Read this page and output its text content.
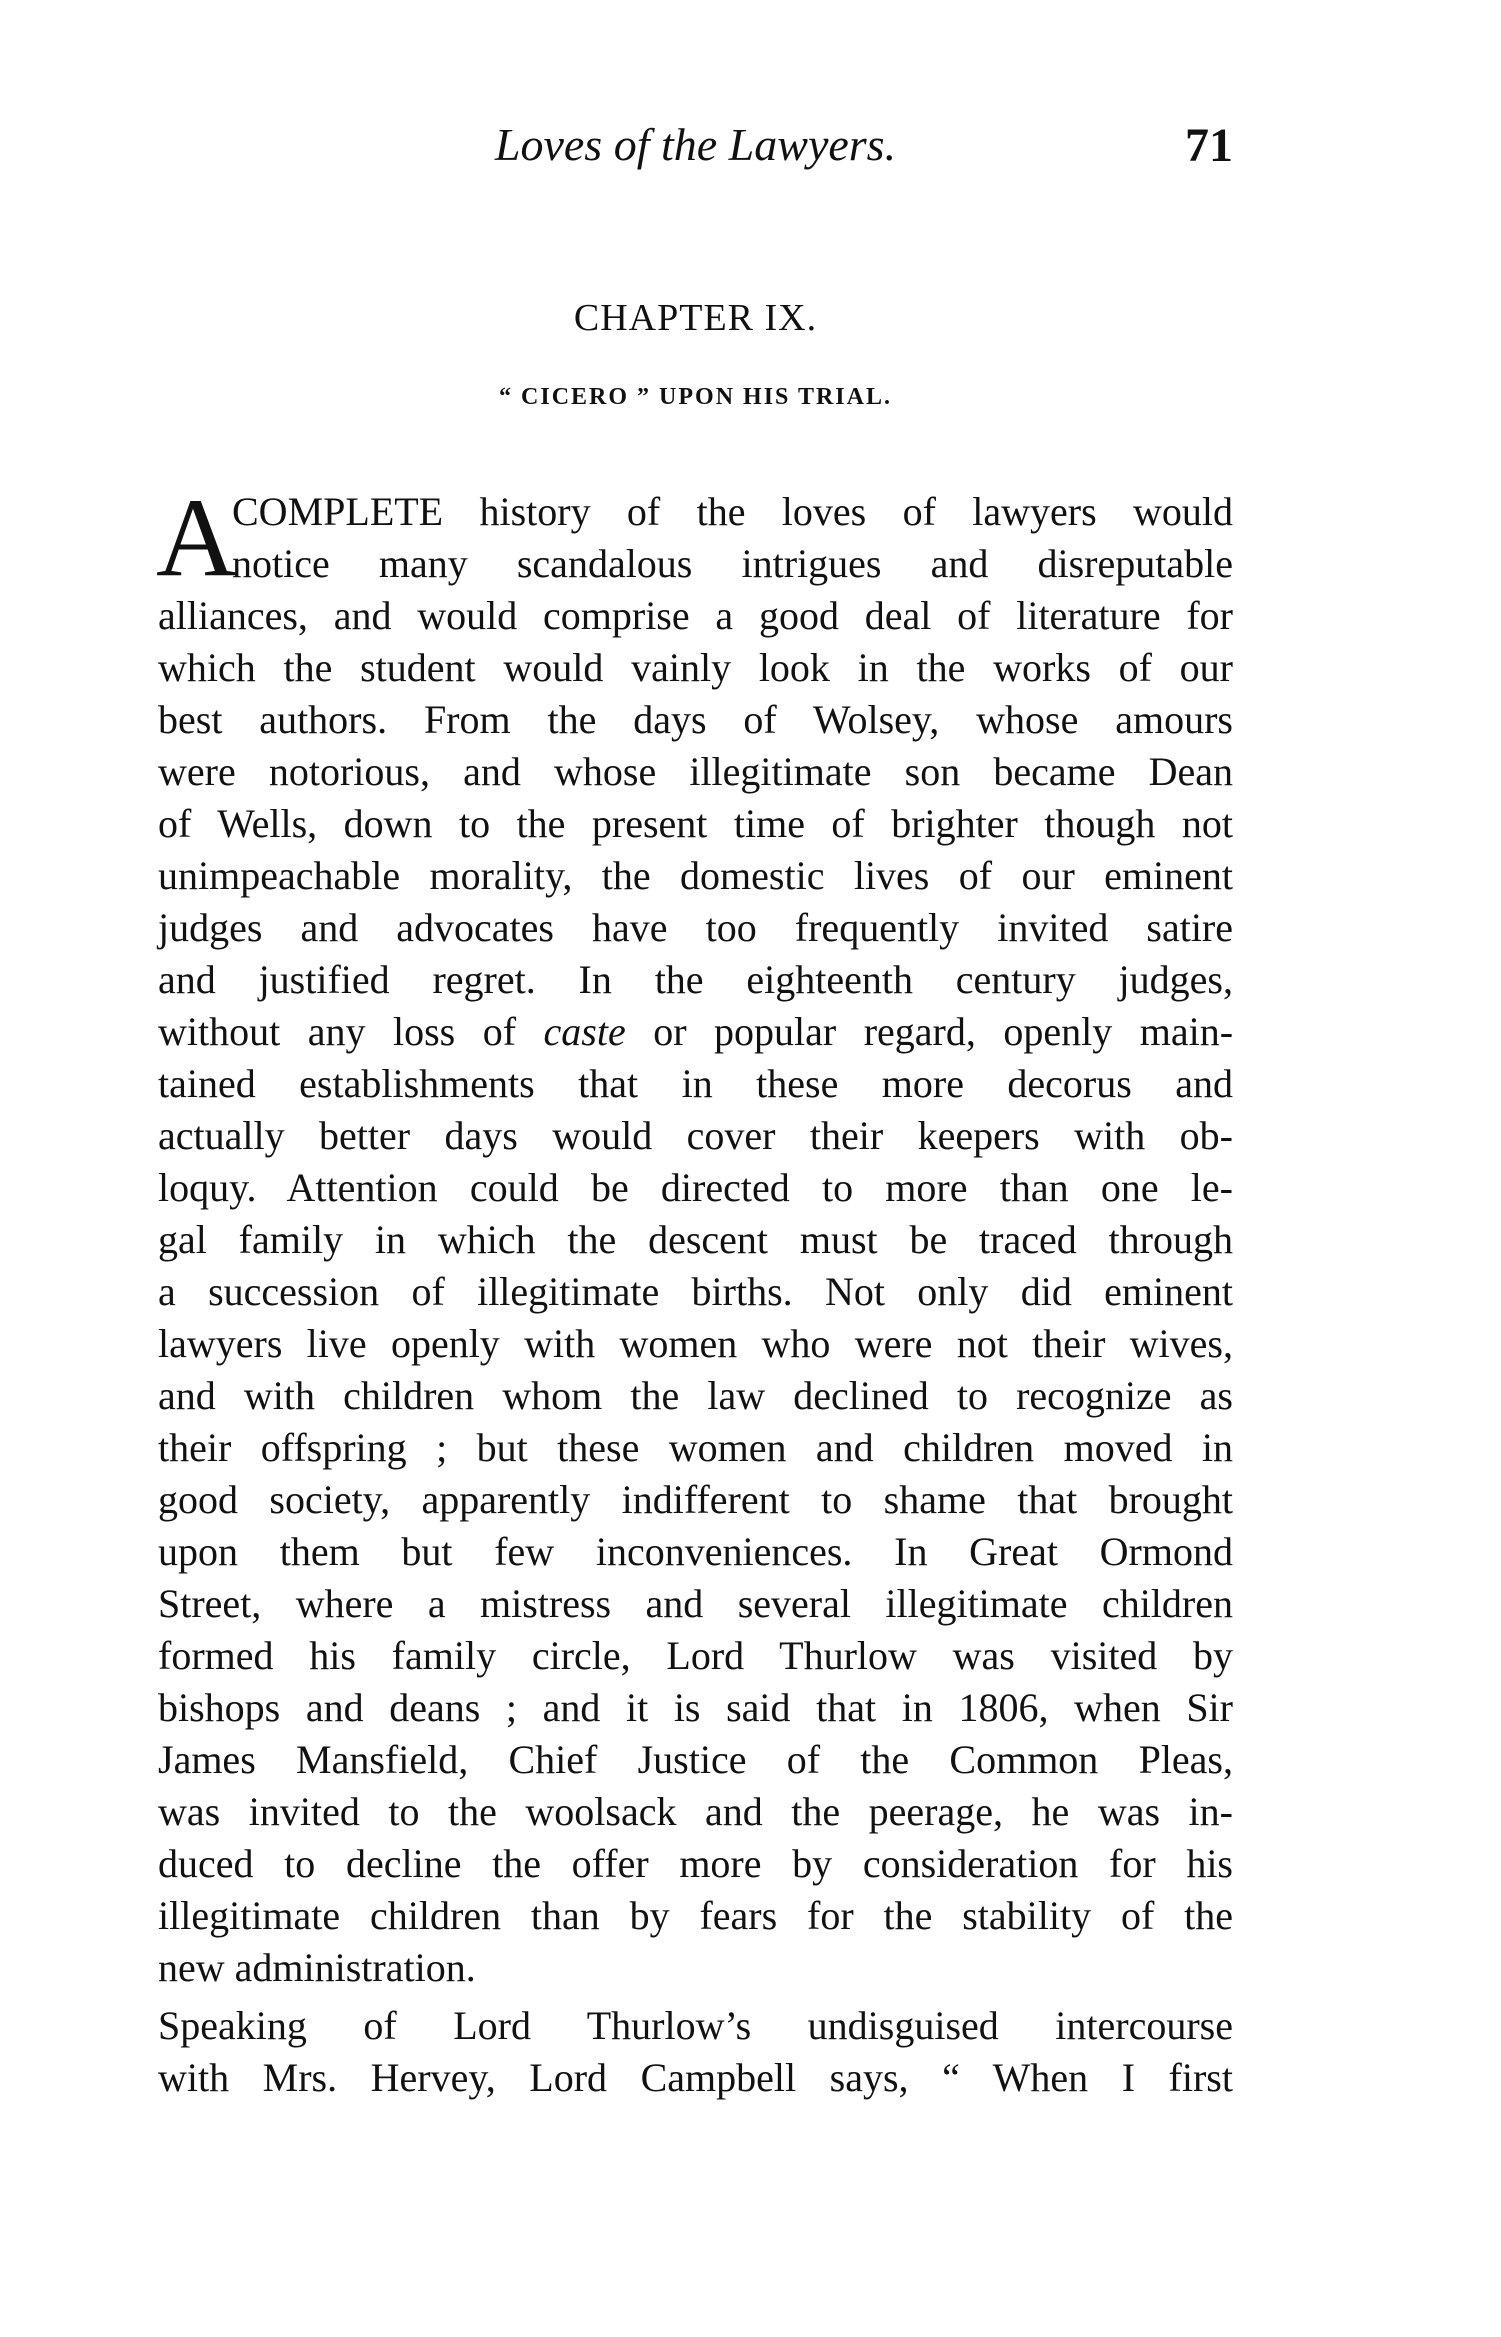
Loves of the Lawyers.	71
CHAPTER IX.
“ CICERO ” UPON HIS TRIAL.
A
COMPLETE history of the loves of lawyers would
notice many scandalous intrigues and disreputable
alliances, and would comprise a good deal of literature for
which the student would vainly look in the works of our
best authors. From the days of Wolsey, whose amours
were notorious, and whose illegitimate son became Dean
of Wells, down to the present time of brighter though not
unimpeachable morality, the domestic lives of our eminent
judges and advocates have too frequently invited satire
and justified regret. In the eighteenth century judges,
without any loss of caste or popular regard, openly main-
tained establishments that in these more decorus and
actually better days would cover their keepers with ob-
loquy. Attention could be directed to more than one le-
gal family in which the descent must be traced through
a succession of illegitimate births. Not only did eminent
lawyers live openly with women who were not their wives,
and with children whom the law declined to recognize as
their offspring ; but these women and children moved in
good society, apparently indifferent to shame that brought
upon them but few inconveniences. In Great Ormond
Street, where a mistress and several illegitimate children
formed his family circle, Lord Thurlow was visited by
bishops and deans ; and it is said that in 1806, when Sir
James Mansfield, Chief Justice of the Common Pleas,
was invited to the woolsack and the peerage, he was in-
duced to decline the offer more by consideration for his
illegitimate children than by fears for the stability of the
new administration.
Speaking of Lord Thurlow’s undisguised intercourse
with Mrs. Hervey, Lord Campbell says, “ When I first
